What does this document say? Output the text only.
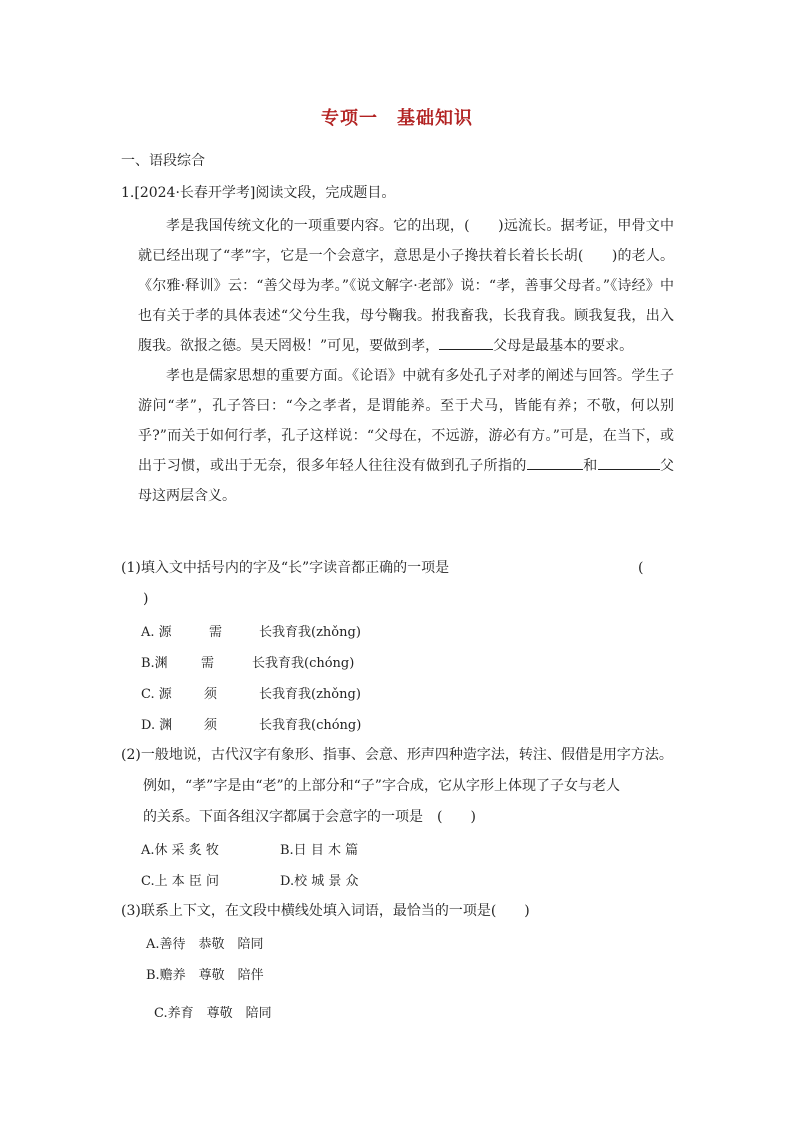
专项一　基础知识
一、语段综合
1.[2024·长春开学考]阅读文段，完成题目。

孝是我国传统文化的一项重要内容。它的出现，(　　)远流长。据考证，甲骨文中就已经出现了“孝”字，它是一个会意字，意思是小子搀扶着长着长长胡(　　)的老人。《尔雅·释训》云：“善父母为孝。”《说文解字·老部》说：“孝，善事父母者。”《诗经》中也有关于孝的具体表述“父兮生我，母兮鞠我。拊我畜我，长我育我。顾我复我，出入腹我。欲报之德。昊天罔极！”可见，要做到孝，	父母是最基本的要求。

孝也是儒家思想的重要方面。《论语》中就有多处孔子对孝的阐述与回答。学生子游问“孝”，孔子答曰：“今之孝者，是谓能养。至于犬马，皆能有养；不敬，何以别乎?”而关于如何行孝，孔子这样说：“父母在，不远游，游必有方。”可是，在当下，或出于习惯，或出于无奈，很多年轻人往往没有做到孔子所指的	和	父母这两层含义。

(1)填入文中括号内的字及“长”字读音都正确的一项是	(
)
A. 源	需	长我育我(zhǒng)
B.渊	需	长我育我(chóng)
C. 源 须	长我育我(zhǒng)
D. 渊 须	长我育我(chóng)
(2)一般地说，古代汉字有象形、指事、会意、形声四种造字法，转注、假借是用字方法。
例如，“孝”字是由“老”的上部分和“子”字合成，它从字形上体现了子女与老人
的关系。下面各组汉字都属于会意字的一项是　(　　)
A.休 采 炙 牧	B.日 目 木 篇
C.上 本 臣 问	D.校 城 景 众
(3)联系上下文，在文段中横线处填入词语，最恰当的一项是(　　)
A.善待　恭敬　陪同
B.赡养　尊敬　陪伴
C.养育　尊敬　陪同
